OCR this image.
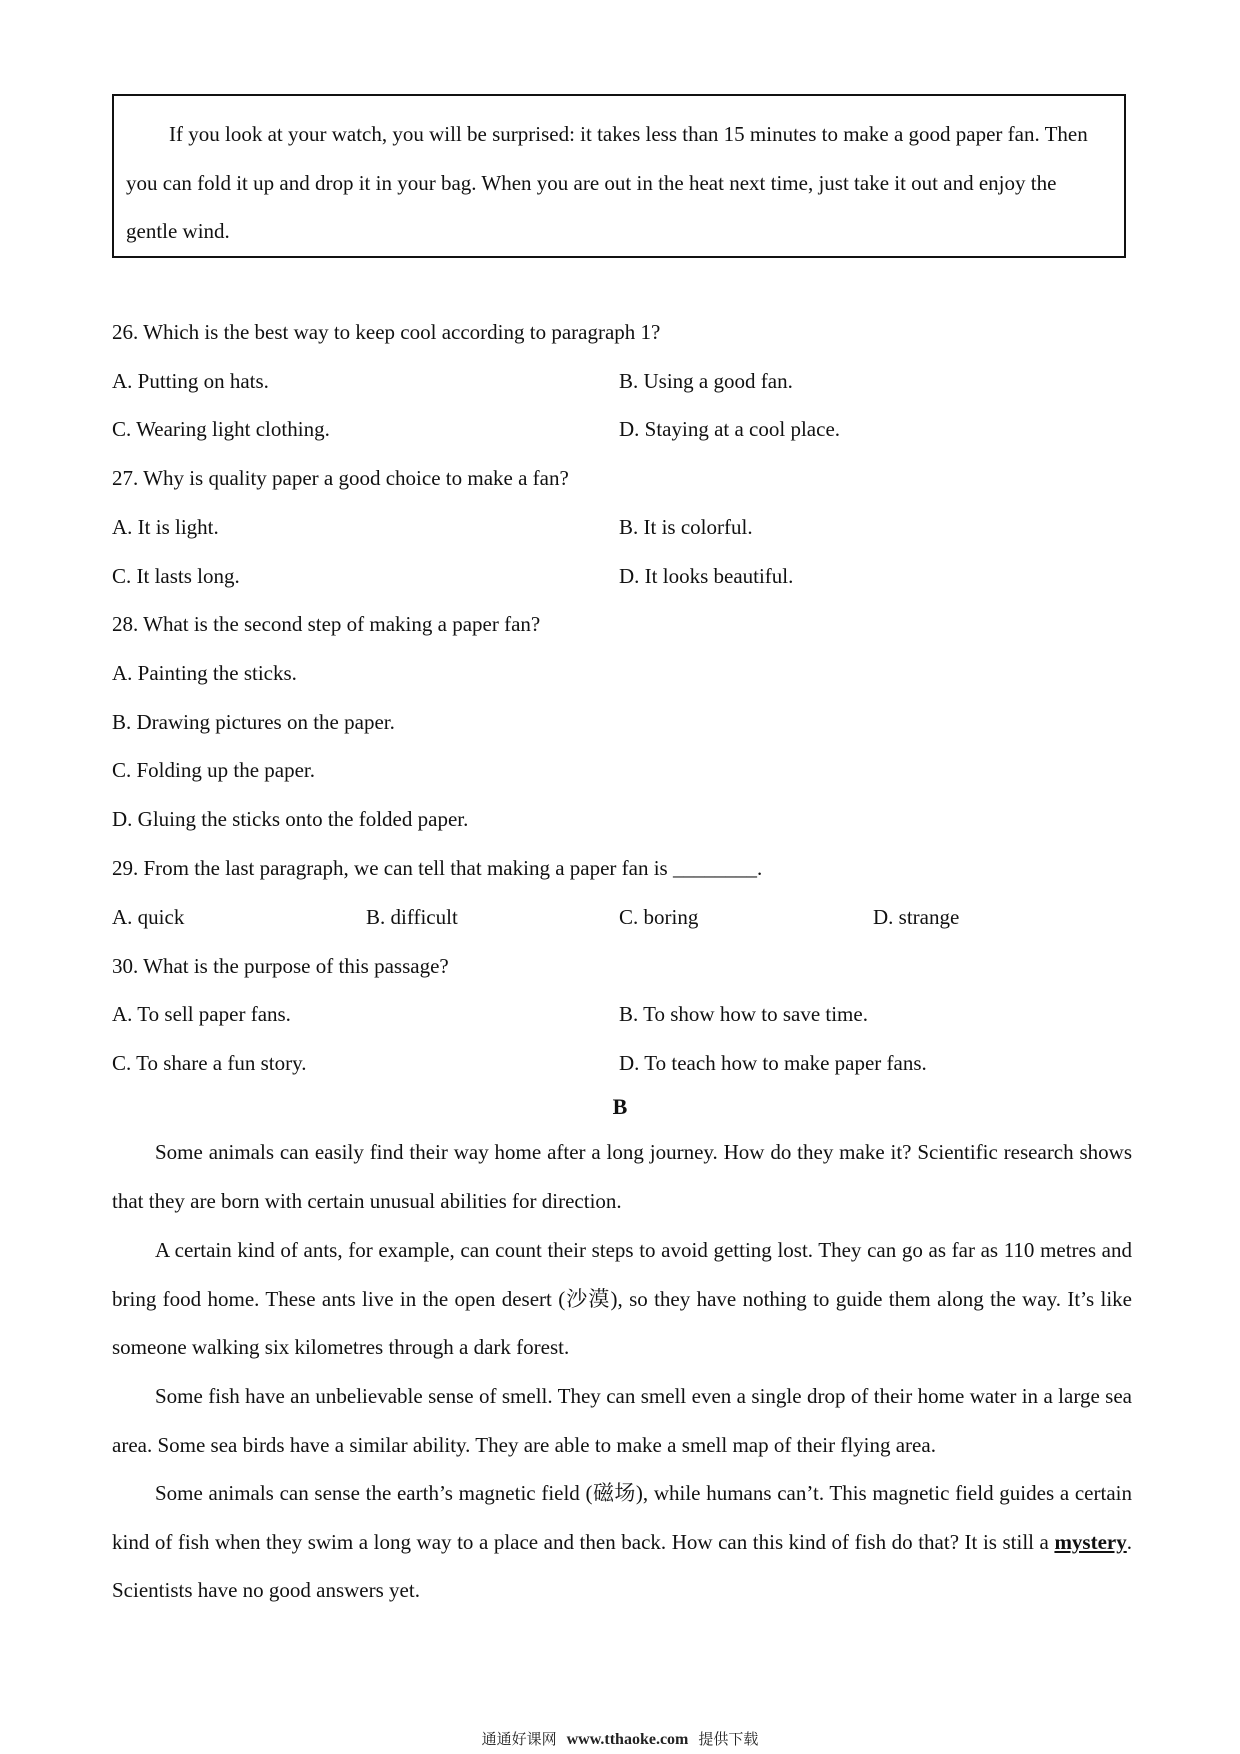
If you look at your watch, you will be surprised: it takes less than 15 minutes to make a good paper fan. Then you can fold it up and drop it in your bag. When you are out in the heat next time, just take it out and enjoy the gentle wind.

26. Which is the best way to keep cool according to paragraph 1?
A. Putting on hats.	B. Using a good fan.
C. Wearing light clothing.	D. Staying at a cool place.
27. Why is quality paper a good choice to make a fan?
A. It is light.	B. It is colorful.
C. It lasts long.	D. It looks beautiful.
28. What is the second step of making a paper fan?
A. Painting the sticks.
B. Drawing pictures on the paper.
C. Folding up the paper.
D. Gluing the sticks onto the folded paper.
29. From the last paragraph, we can tell that making a paper fan is ________.
A. quick	B. difficult	C. boring	D. strange
30. What is the purpose of this passage?
A. To sell paper fans.	B. To show how to save time.
C. To share a fun story.	D. To teach how to make paper fans.
B

Some animals can easily find their way home after a long journey. How do they make it? Scientific research shows that they are born with certain unusual abilities for direction.

A certain kind of ants, for example, can count their steps to avoid getting lost. They can go as far as 110 metres and bring food home. These ants live in the open desert (沙漠), so they have nothing to guide them along the way. It’s like someone walking six kilometres through a dark forest.

Some fish have an unbelievable sense of smell. They can smell even a single drop of their home water in a large sea area. Some sea birds have a similar ability. They are able to make a smell map of their flying area.

Some animals can sense the earth’s magnetic field (磁场), while humans can’t. This magnetic field guides a certain kind of fish when they swim a long way to a place and then back. How can this kind of fish do that? It is still a mystery. Scientists have no good answers yet.

通通好课网 www.tthaoke.com 提供下载
